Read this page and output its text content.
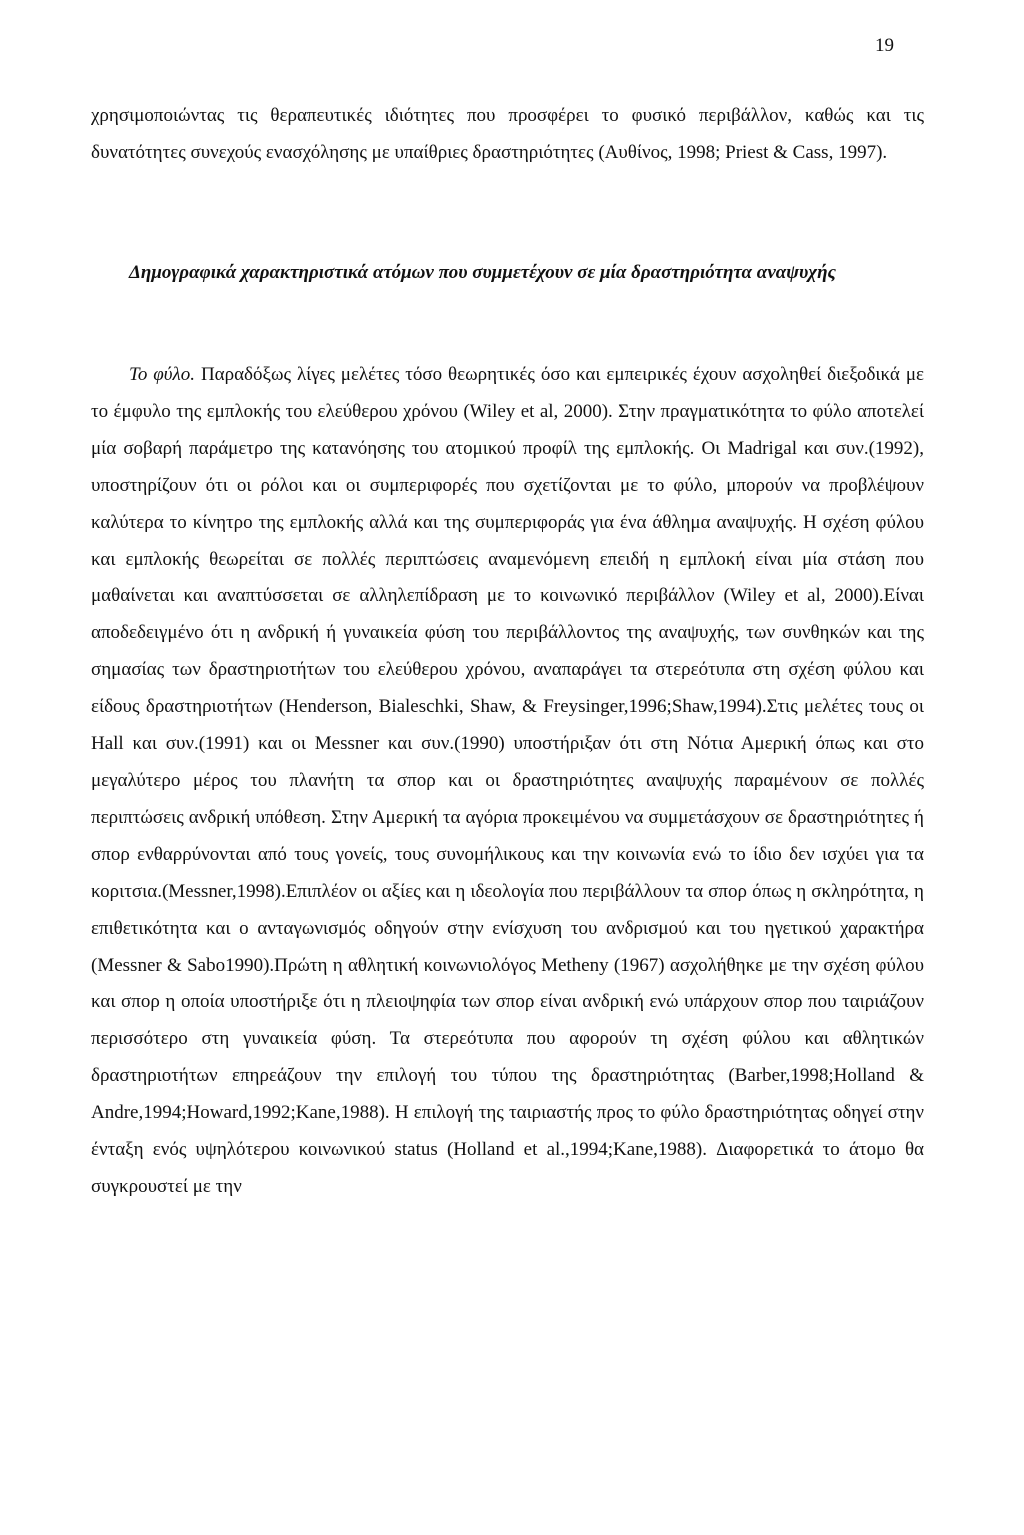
19

χρησιμοποιώντας τις θεραπευτικές ιδιότητες που προσφέρει το φυσικό περιβάλλον, καθώς και τις δυνατότητες συνεχούς ενασχόλησης με υπαίθριες δραστηριότητες (Αυθίνος, 1998; Priest & Cass, 1997).

Δημογραφικά χαρακτηριστικά ατόμων που συμμετέχουν σε μία δραστηριότητα αναψυχής

Το φύλο. Παραδόξως λίγες μελέτες τόσο θεωρητικές όσο και εμπειρικές έχουν ασχοληθεί διεξοδικά με το έμφυλο της εμπλοκής του ελεύθερου χρόνου (Wiley et al, 2000). Στην πραγματικότητα το φύλο αποτελεί μία σοβαρή παράμετρο της κατανόησης του ατομικού προφίλ της εμπλοκής. Οι Madrigal και συν.(1992), υποστηρίζουν ότι οι ρόλοι και οι συμπεριφορές που σχετίζονται με το φύλο, μπορούν να προβλέψουν καλύτερα το κίνητρο της εμπλοκής αλλά και της συμπεριφοράς για ένα άθλημα αναψυχής. Η σχέση φύλου και εμπλοκής θεωρείται σε πολλές περιπτώσεις αναμενόμενη επειδή η εμπλοκή είναι μία στάση που μαθαίνεται και αναπτύσσεται σε αλληλεπίδραση με το κοινωνικό περιβάλλον (Wiley et al, 2000).Είναι αποδεδειγμένο ότι η ανδρική ή γυναικεία φύση του περιβάλλοντος της αναψυχής, των συνθηκών και της σημασίας των δραστηριοτήτων του ελεύθερου χρόνου, αναπαράγει τα στερεότυπα στη σχέση φύλου και είδους δραστηριοτήτων (Henderson, Bialeschki, Shaw, & Freysinger,1996;Shaw,1994).Στις μελέτες τους οι Hall και συν.(1991) και οι Messner και συν.(1990) υποστήριξαν ότι στη Νότια Αμερική όπως και στο μεγαλύτερο μέρος του πλανήτη τα σπορ και οι δραστηριότητες αναψυχής παραμένουν σε πολλές περιπτώσεις ανδρική υπόθεση. Στην Αμερική τα αγόρια προκειμένου να συμμετάσχουν σε δραστηριότητες ή σπορ ενθαρρύνονται από τους γονείς, τους συνομήλικους και την κοινωνία ενώ το ίδιο δεν ισχύει για τα κοριτσια.(Messner,1998).Επιπλέον οι αξίες και η ιδεολογία που περιβάλλουν τα σπορ όπως η σκληρότητα, η επιθετικότητα και ο ανταγωνισμός οδηγούν στην ενίσχυση του ανδρισμού και του ηγετικού χαρακτήρα (Messner & Sabo1990).Πρώτη η αθλητική κοινωνιολόγος Metheny (1967) ασχολήθηκε με την σχέση φύλου και σπορ η οποία υποστήριξε ότι η πλειοψηφία των σπορ είναι ανδρική ενώ υπάρχουν σπορ που ταιριάζουν περισσότερο στη γυναικεία φύση. Τα στερεότυπα που αφορούν τη σχέση φύλου και αθλητικών δραστηριοτήτων επηρεάζουν την επιλογή του τύπου της δραστηριότητας (Barber,1998;Holland & Andre,1994;Howard,1992;Kane,1988). Η επιλογή της ταιριαστής προς το φύλο δραστηριότητας οδηγεί στην ένταξη ενός υψηλότερου κοινωνικού status (Holland et al.,1994;Kane,1988). Διαφορετικά το άτομο θα συγκρουστεί με την
